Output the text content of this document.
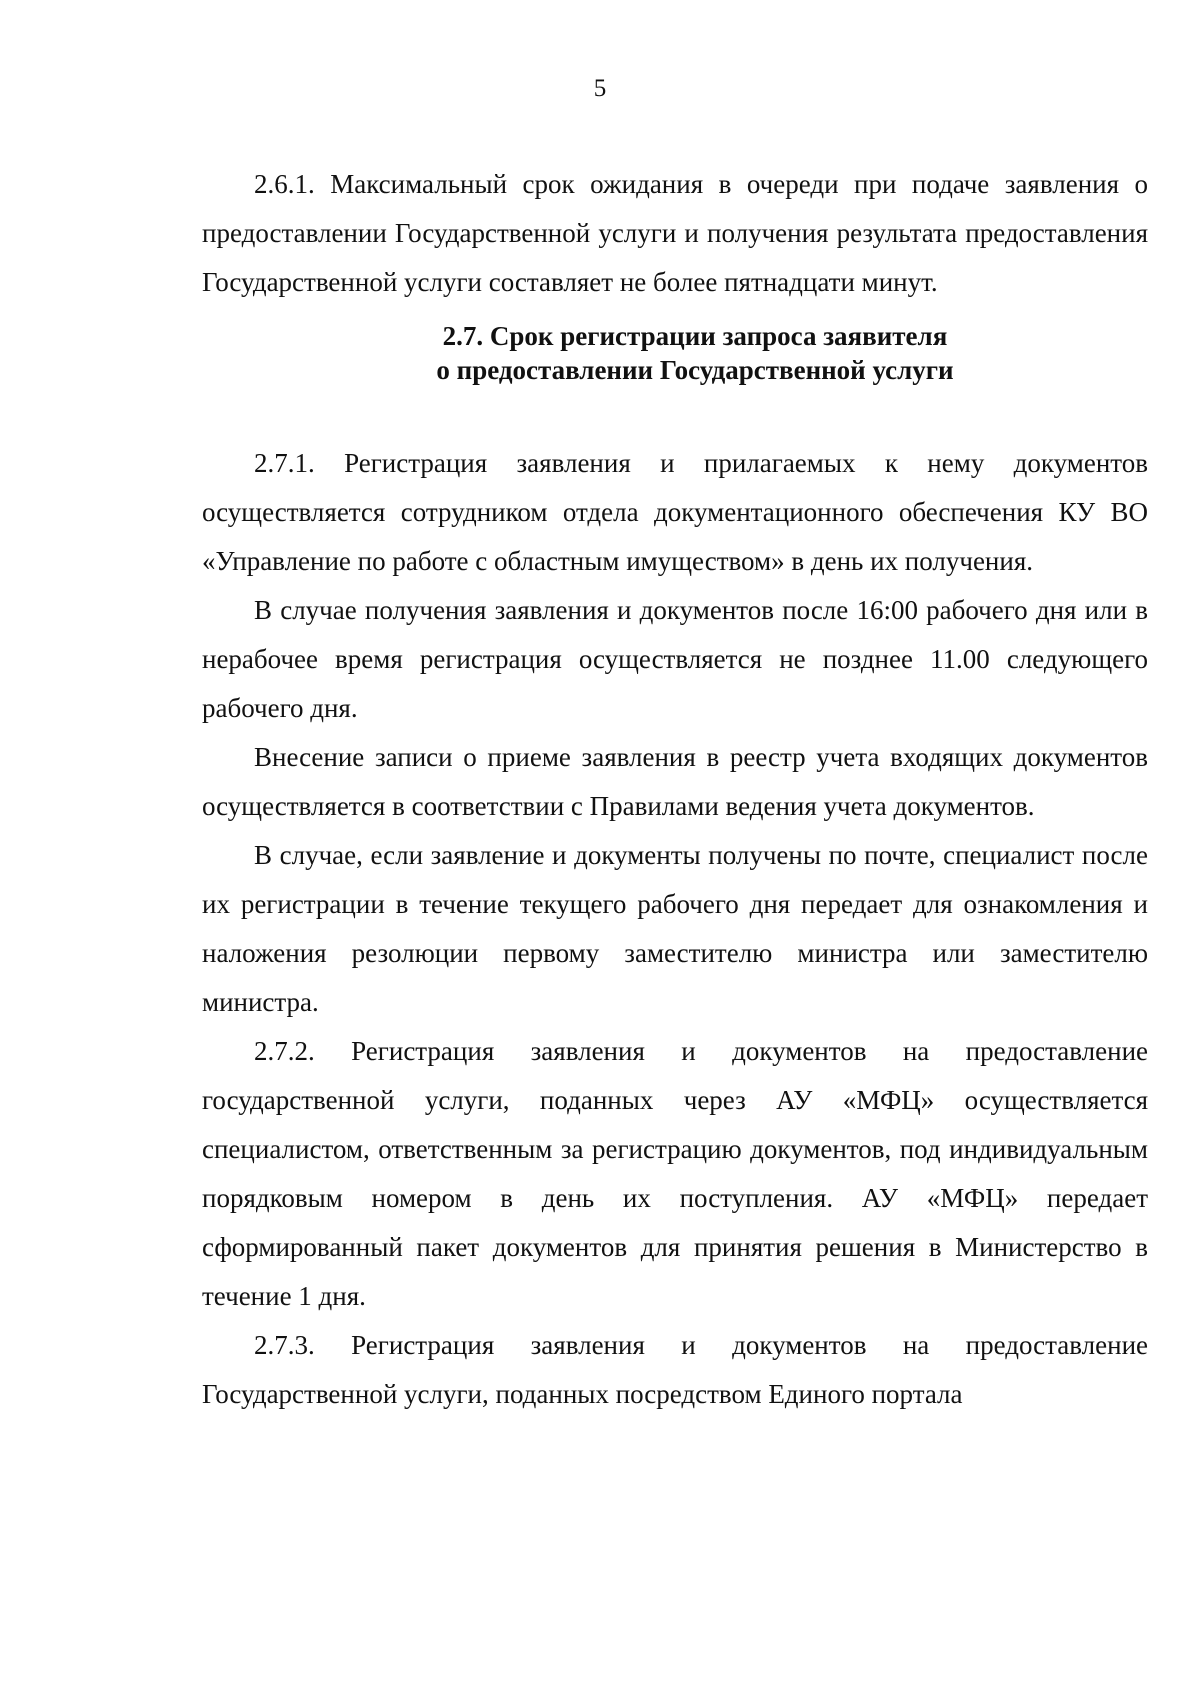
5

2.6.1. Максимальный срок ожидания в очереди при подаче заявления о предоставлении Государственной услуги и получения результата предоставления Государственной услуги составляет не более пятнадцати минут.

2.7. Срок регистрации запроса заявителя
о предоставлении Государственной услуги

2.7.1. Регистрация заявления и прилагаемых к нему документов осуществляется сотрудником отдела документационного обеспечения КУ ВО «Управление по работе с областным имуществом» в день их получения.

В случае получения заявления и документов после 16:00 рабочего дня или в нерабочее время регистрация осуществляется не позднее 11.00 следующего рабочего дня.

Внесение записи о приеме заявления в реестр учета входящих документов осуществляется в соответствии с Правилами ведения учета документов.

В случае, если заявление и документы получены по почте, специалист после их регистрации в течение текущего рабочего дня передает для ознакомления и наложения резолюции первому заместителю министра или заместителю министра.

2.7.2. Регистрация заявления и документов на предоставление государственной услуги, поданных через АУ «МФЦ» осуществляется специалистом, ответственным за регистрацию документов, под индивидуальным порядковым номером в день их поступления. АУ «МФЦ» передает сформированный пакет документов для принятия решения в Министерство в течение 1 дня.

2.7.3. Регистрация заявления и документов на предоставление Государственной услуги, поданных посредством Единого портала
